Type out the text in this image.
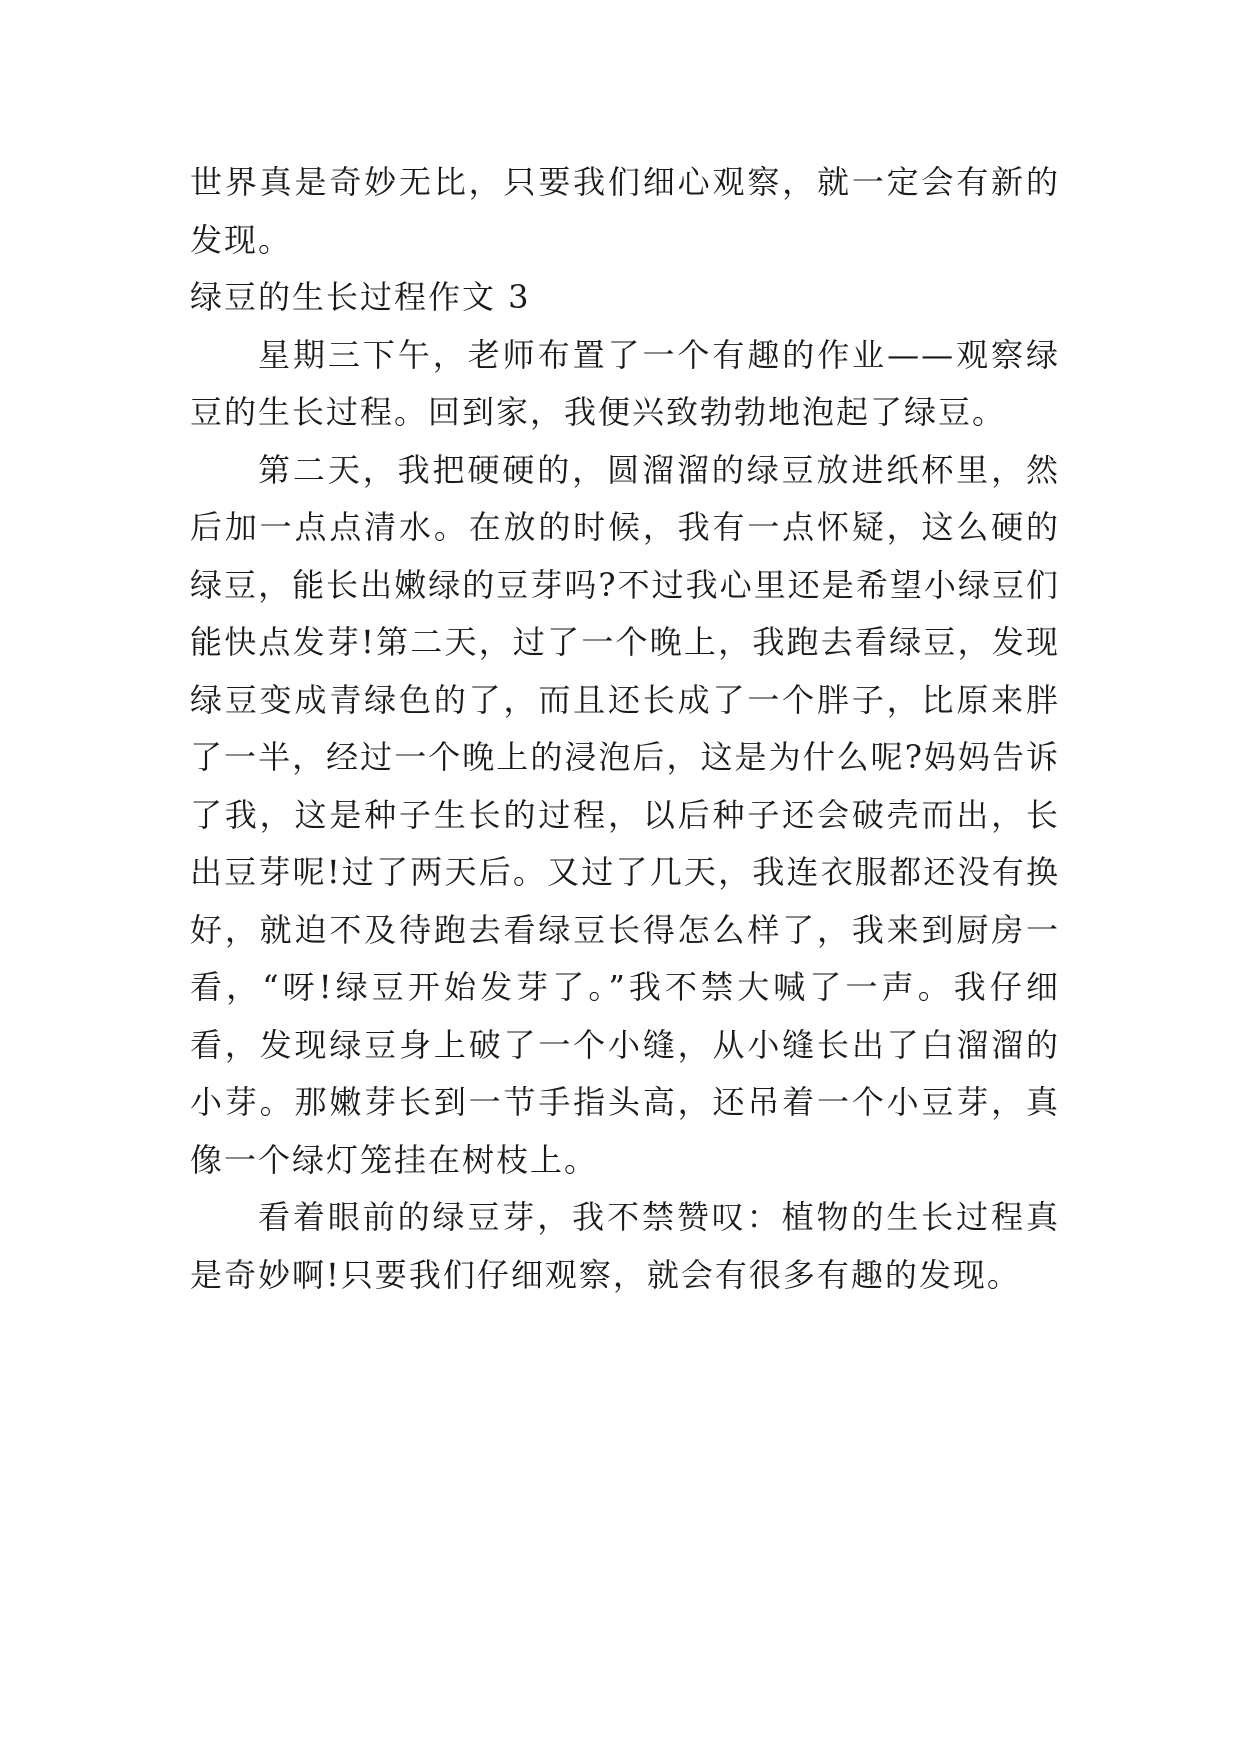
世界真是奇妙无比，只要我们细心观察，就一定会有新的发现。

绿豆的生长过程作文 3

星期三下午，老师布置了一个有趣的作业——观察绿豆的生长过程。回到家，我便兴致勃勃地泡起了绿豆。

第二天，我把硬硬的，圆溜溜的绿豆放进纸杯里，然后加一点点清水。在放的时候，我有一点怀疑，这么硬的绿豆，能长出嫩绿的豆芽吗?不过我心里还是希望小绿豆们能快点发芽!第二天，过了一个晚上，我跑去看绿豆，发现绿豆变成青绿色的了，而且还长成了一个胖子，比原来胖了一半，经过一个晚上的浸泡后，这是为什么呢?妈妈告诉了我，这是种子生长的过程，以后种子还会破壳而出，长出豆芽呢!过了两天后。又过了几天，我连衣服都还没有换好，就迫不及待跑去看绿豆长得怎么样了，我来到厨房一看，“呀!绿豆开始发芽了。”我不禁大喊了一声。我仔细看，发现绿豆身上破了一个小缝，从小缝长出了白溜溜的小芽。那嫩芽长到一节手指头高，还吊着一个小豆芽，真像一个绿灯笼挂在树枝上。

看着眼前的绿豆芽，我不禁赞叹：植物的生长过程真是奇妙啊!只要我们仔细观察，就会有很多有趣的发现。
